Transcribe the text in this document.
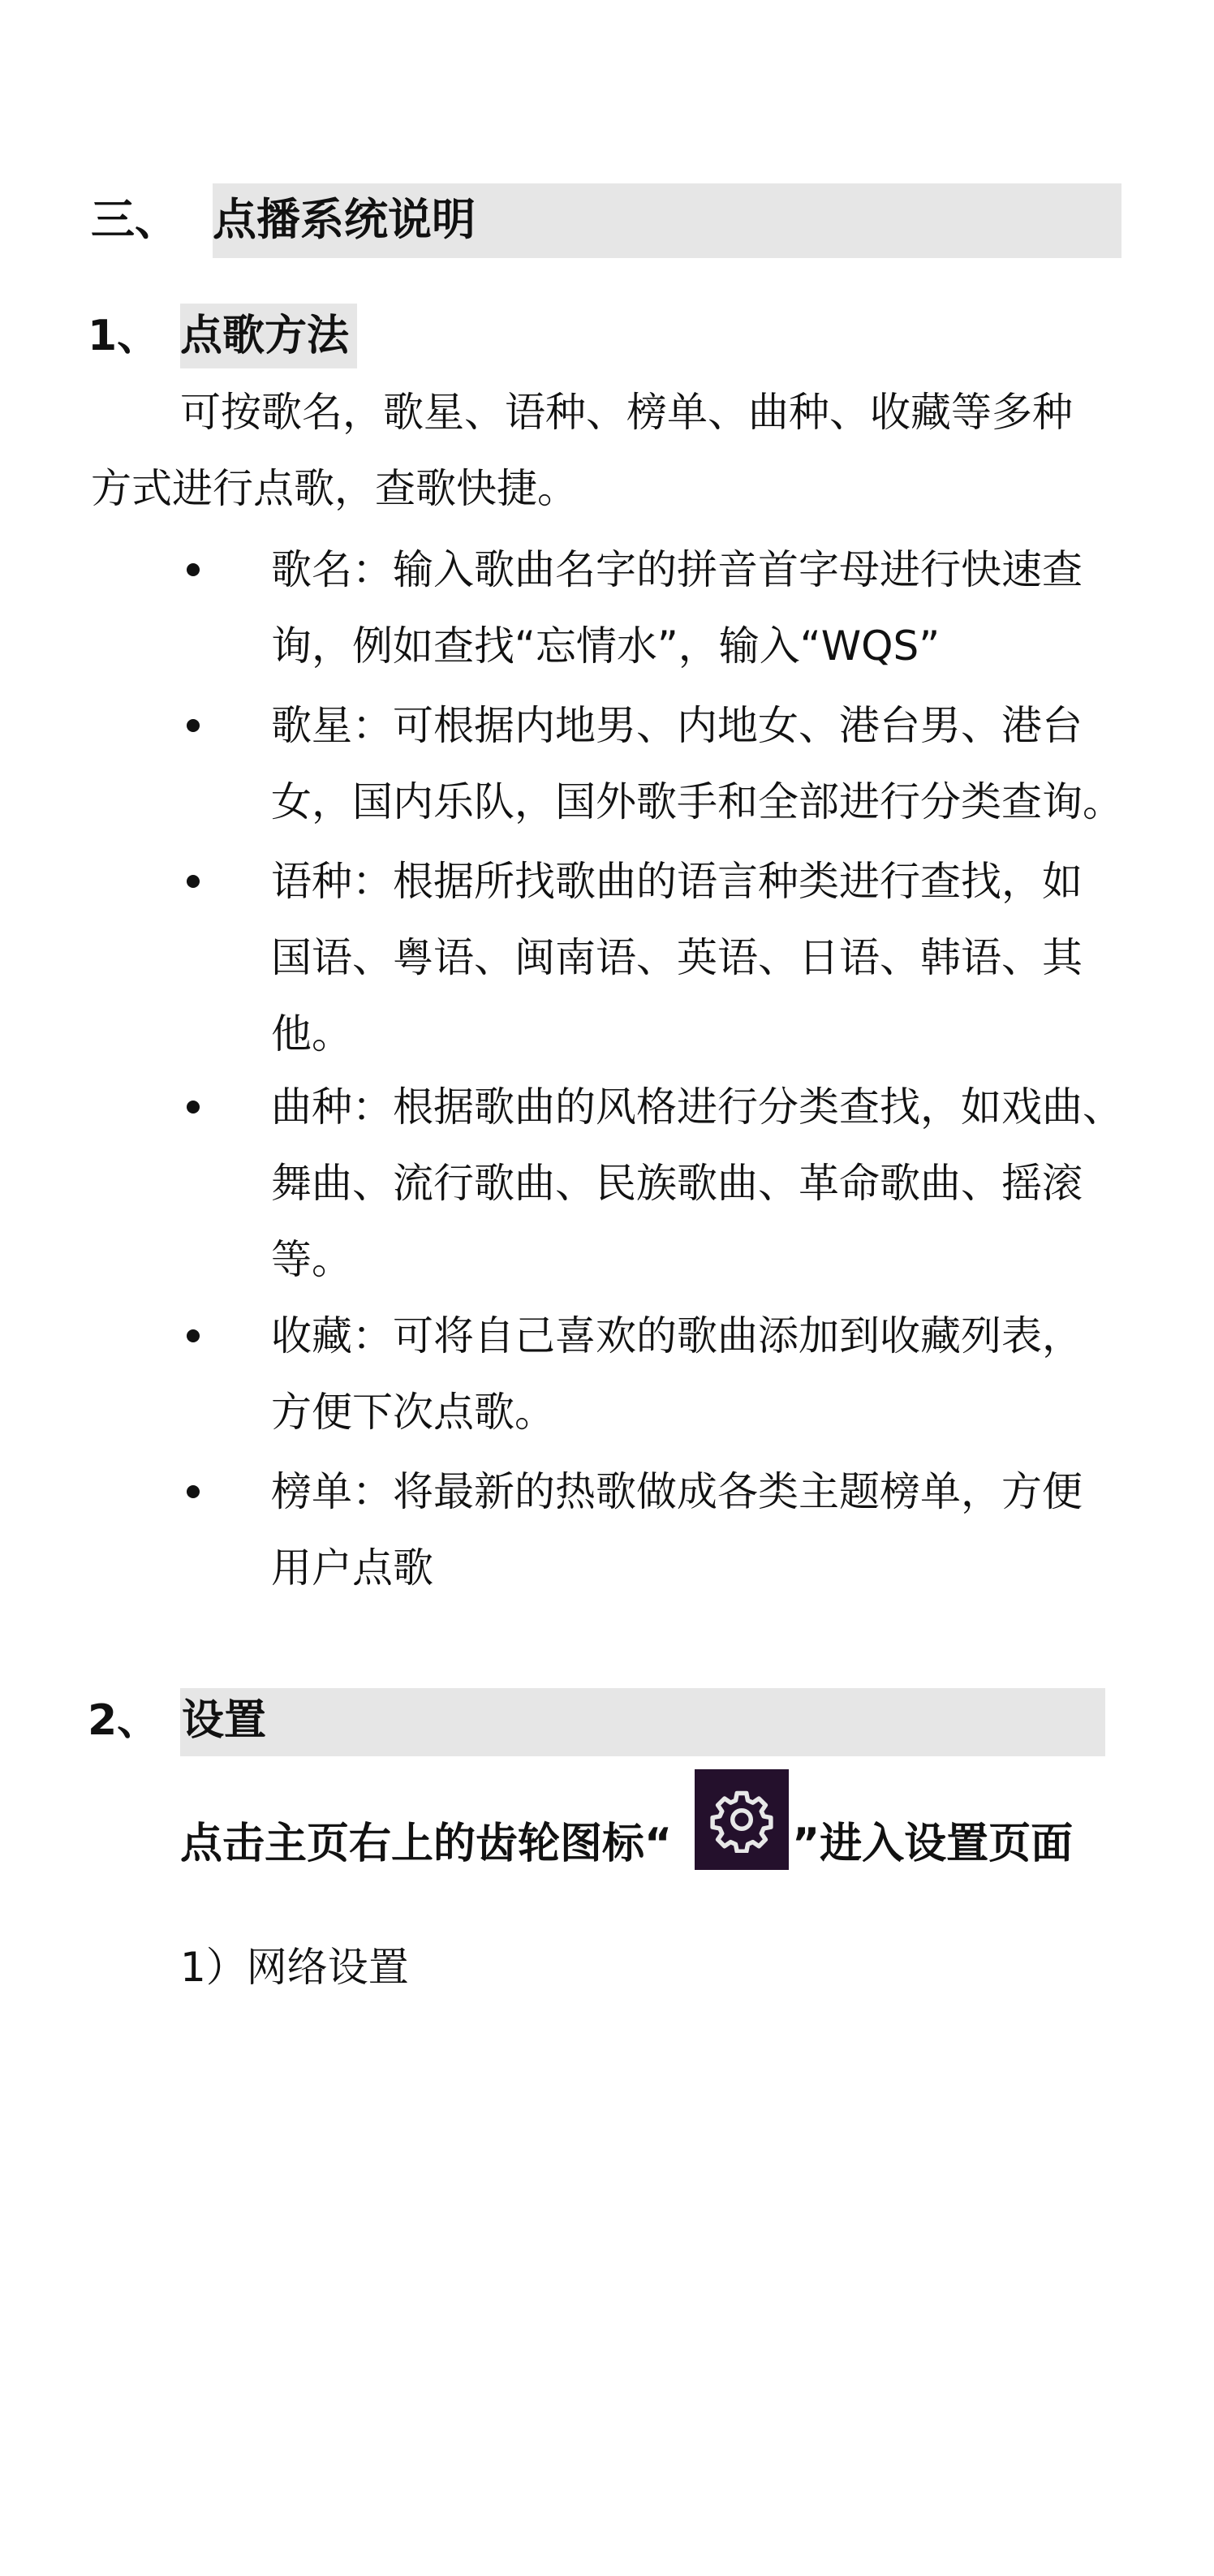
三、 点播系统说明
1、 点歌方法
可按歌名，歌星、语种、榜单、曲种、收藏等多种
方式进行点歌，查歌快捷。
歌名：输入歌曲名字的拼音首字母进行快速查
询，例如查找“忘情水”，输入“WQS”
歌星：可根据内地男、内地女、港台男、港台
女，国内乐队，国外歌手和全部进行分类查询。
语种：根据所找歌曲的语言种类进行查找，如
国语、粤语、闽南语、英语、日语、韩语、其
他。
曲种：根据歌曲的风格进行分类查找，如戏曲、
舞曲、流行歌曲、民族歌曲、革命歌曲、摇滚
等。
收藏：可将自己喜欢的歌曲添加到收藏列表，
方便下次点歌。
榜单：将最新的热歌做成各类主题榜单，方便
用户点歌
2、 设置
点击主页右上的齿轮图标“	”进入设置页面
1）网络设置
